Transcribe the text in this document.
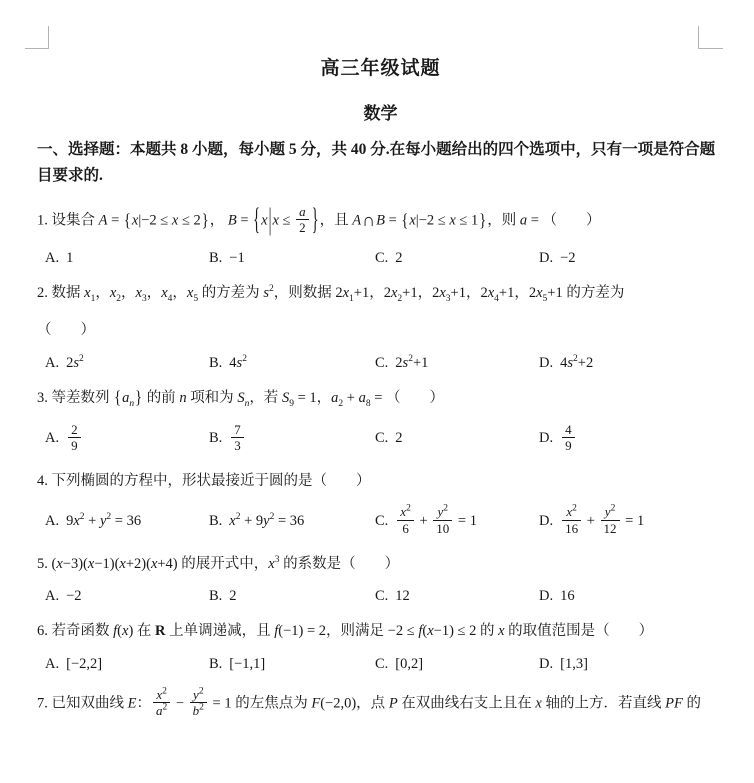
高三年级试题
数学
一、选择题：本题共 8 小题，每小题 5 分，共 40 分.在每小题给出的四个选项中，只有一项是符合题目要求的.
1. 设集合 A = {x|−2 ≤ x ≤ 2}， $B = \{x|x \le \frac{a}{2}$ }，且 A∩B = {x|−2 ≤ x ≤ 1}，则 a = （　　）
A. 1	B. −1	C. 2	D. −2
2. 数据 $x_1$，$x_2$，$x_3$，$x_4$，$x_5$ 的方差为 $s^2$，则数据 $2x_1+1$，$2x_2+1$，$2x_3+1$，$2x_4+1$，$2x_5+1$ 的方差为
（　　）
A. $2s^2$	B. $4s^2$	C. $2s^2+1$	D. $4s^2+2$
3. 等差数列 $\{a_n\}$ 的前 n 项和为 $S_n$，若 $S_9 = 1$，$a_2 + a_8$ = （　　）
A. $\frac{2}{9}$	B. $\frac{7}{3}$	C. 2	D. $\frac{4}{9}$
4. 下列椭圆的方程中，形状最接近于圆的是（　　）
A. $9x^2 + y^2 = 36$	B. $x^2 + 9y^2 = 36$	C. $\frac{x^2}{6} + \frac{y^2}{10} = 1$	D. $\frac{x^2}{16} + \frac{y^2}{12} = 1$
5. (x−3)(x−1)(x+2)(x+4) 的展开式中，$x^3$ 的系数是（　　）
A. −2	B. 2	C. 12	D. 16
6. 若奇函数 f(x) 在 R 上单调递减，且 f(−1) = 2，则满足 −2 ≤ f(x−1) ≤ 2 的 x 的取值范围是（　　）
A. [−2,2]	B. [−1,1]	C. [0,2]	D. [1,3]
7. 已知双曲线 E： $\frac{x^2}{a^2} - \frac{y^2}{b^2} = 1$ 的左焦点为 F(−2,0)，点 P 在双曲线右支上且在 x 轴的上方．若直线 PF 的
